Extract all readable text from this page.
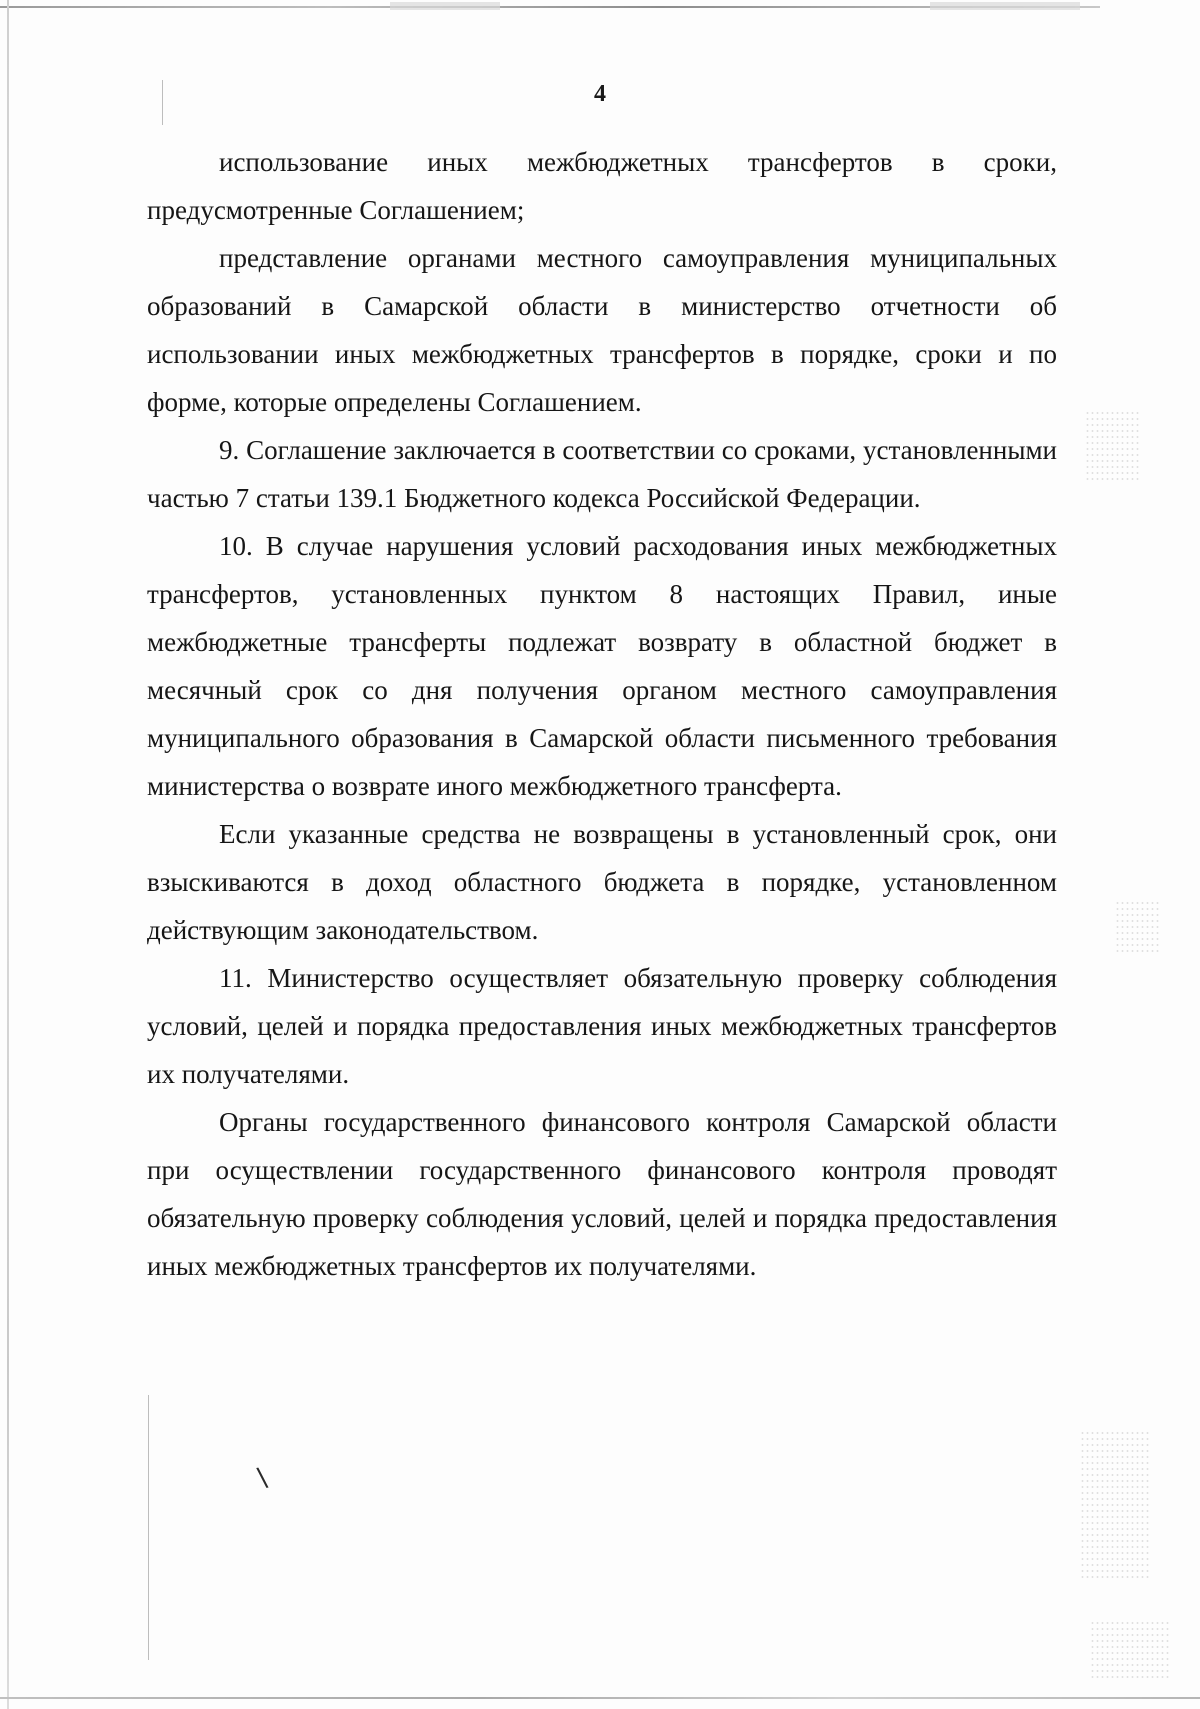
4

использование иных межбюджетных трансфертов в сроки, предусмотренные Соглашением;

представление органами местного самоуправления муниципальных образований в Самарской области в министерство отчетности об использовании иных межбюджетных трансфертов в порядке, сроки и по форме, которые определены Соглашением.

9. Соглашение заключается в соответствии со сроками, установленными частью 7 статьи 139.1 Бюджетного кодекса Российской Федерации.

10. В случае нарушения условий расходования иных межбюджетных трансфертов, установленных пунктом 8 настоящих Правил, иные межбюджетные трансферты подлежат возврату в областной бюджет в месячный срок со дня получения органом местного самоуправления муниципального образования в Самарской области письменного требования министерства о возврате иного межбюджетного трансферта.

Если указанные средства не возвращены в установленный срок, они взыскиваются в доход областного бюджета в порядке, установленном действующим законодательством.

11. Министерство осуществляет обязательную проверку соблюдения условий, целей и порядка предоставления иных межбюджетных трансфертов их получателями.

Органы государственного финансового контроля Самарской области при осуществлении государственного финансового контроля проводят обязательную проверку соблюдения условий, целей и порядка предоставления иных межбюджетных трансфертов их получателями.

\
